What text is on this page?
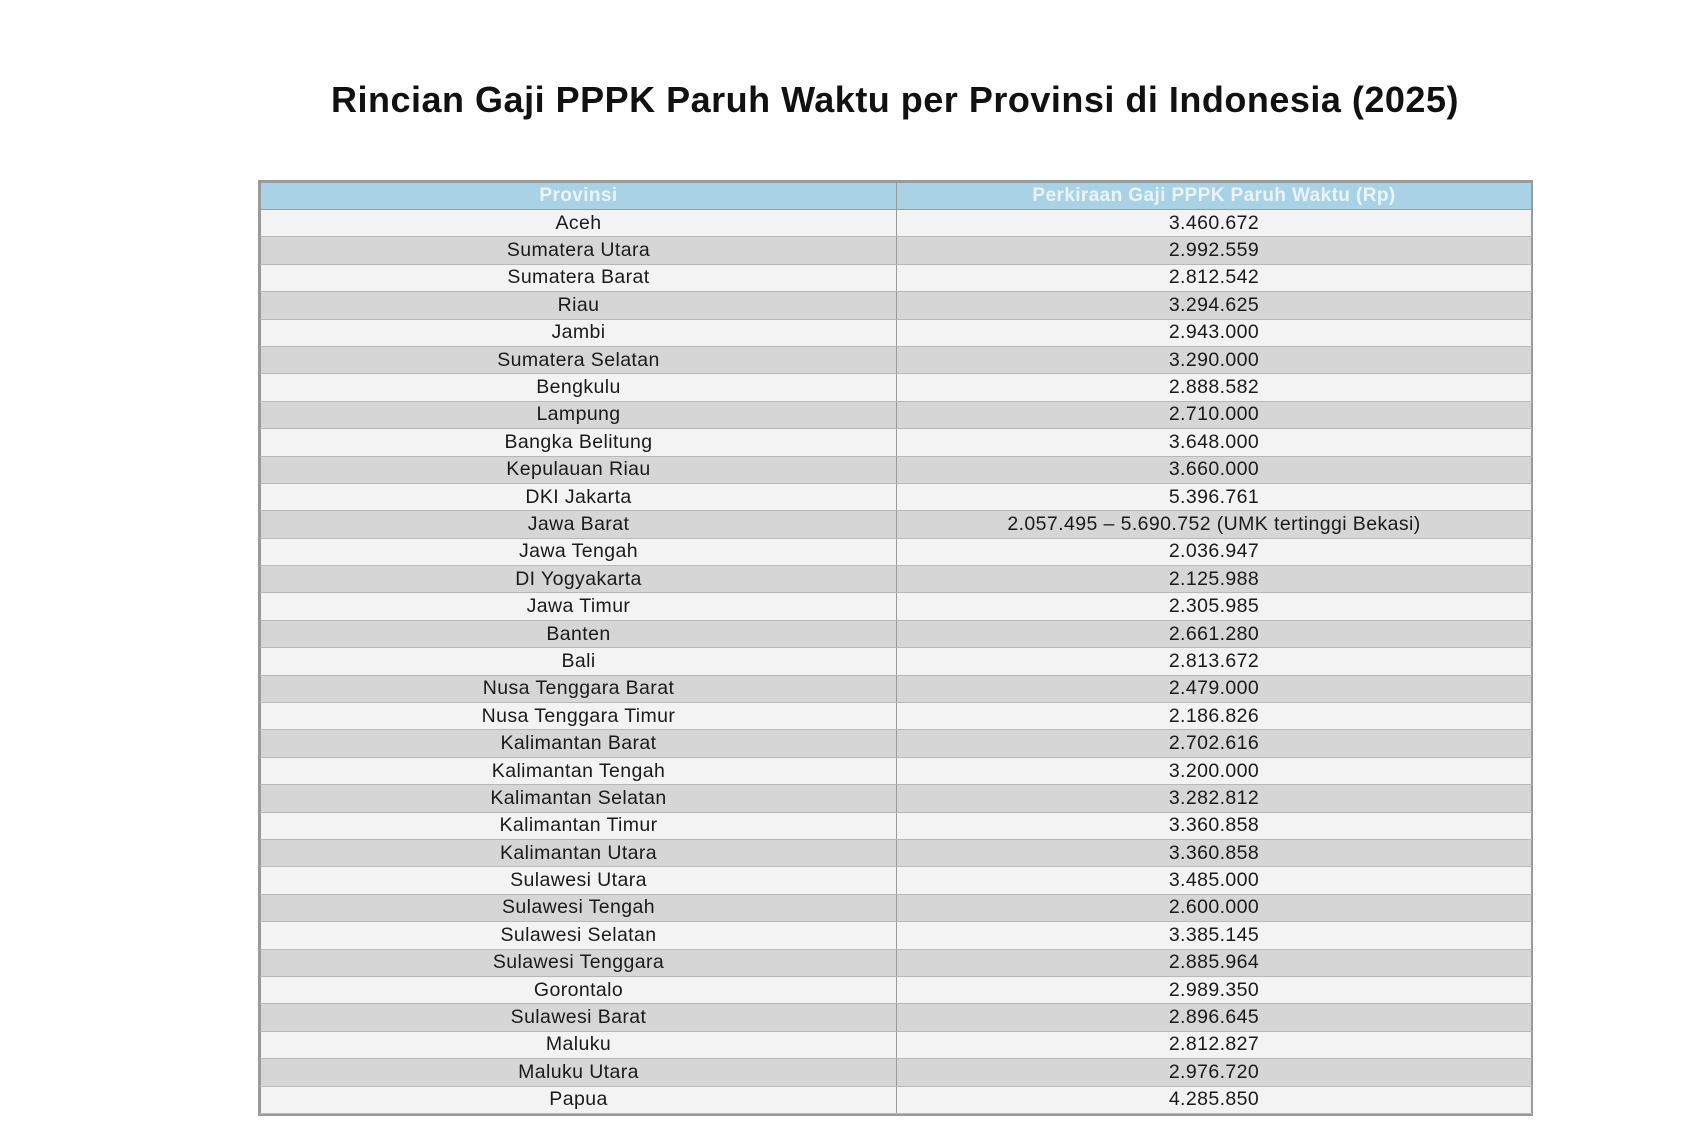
Rincian Gaji PPPK Paruh Waktu per Provinsi di Indonesia (2025)
Provinsi	Perkiraan Gaji PPPK Paruh Waktu (Rp)
Aceh	3.460.672
Sumatera Utara	2.992.559
Sumatera Barat	2.812.542
Riau	3.294.625
Jambi	2.943.000
Sumatera Selatan	3.290.000
Bengkulu	2.888.582
Lampung	2.710.000
Bangka Belitung	3.648.000
Kepulauan Riau	3.660.000
DKI Jakarta	5.396.761
Jawa Barat	2.057.495 – 5.690.752 (UMK tertinggi Bekasi)
Jawa Tengah	2.036.947
DI Yogyakarta	2.125.988
Jawa Timur	2.305.985
Banten	2.661.280
Bali	2.813.672
Nusa Tenggara Barat	2.479.000
Nusa Tenggara Timur	2.186.826
Kalimantan Barat	2.702.616
Kalimantan Tengah	3.200.000
Kalimantan Selatan	3.282.812
Kalimantan Timur	3.360.858
Kalimantan Utara	3.360.858
Sulawesi Utara	3.485.000
Sulawesi Tengah	2.600.000
Sulawesi Selatan	3.385.145
Sulawesi Tenggara	2.885.964
Gorontalo	2.989.350
Sulawesi Barat	2.896.645
Maluku	2.812.827
Maluku Utara	2.976.720
Papua	4.285.850
